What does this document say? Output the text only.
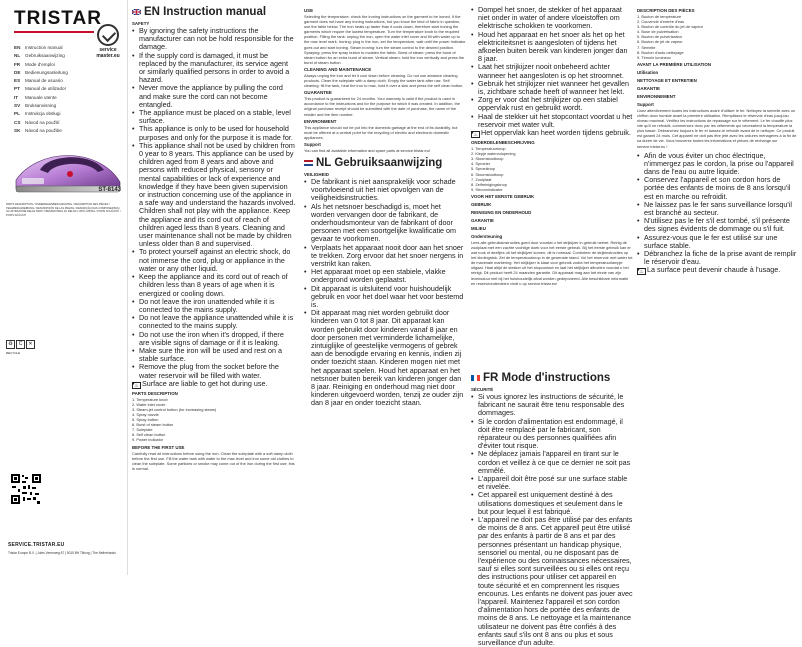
TRISTAR
service
master.eu
EN Instruction manual
NL Gebruiksaanwijzing
FR Mode d'emploi
DE Bedienungsanleitung
ES Manual de usuario
PT Manual de utilizador
IT Manuale utente
SV Bruksanvisning
PL Instrukcja obsługi
CS Návod na použití
SK Návod na použitie
ST-8143
PARTS DESCRIPTION / ONDERDELENBESCHRIJVING / DESCRIPTION DES PIÈCES / TEILEBESCHREIBUNG / DESCRIPCIÓN DE LAS PIEZAS / DESCRIÇÃO DAS COMPONENTES / ILLUSTRAZIONE DELLE PARTI / BESKRIVNING AV DELAR / OPIS CZĘŚCI / POPIS SOUČÁSTÍ / POPIS SÚČASTÍ
♻ C ✕
RECYCLE
SERVICE.TRISTAR.EU
Tristar Europe B.V. | Jules Verneweg 87 | 5015 BH Tilburg | The Netherlands
EN Instruction manual
SAFETY
• By ignoring the safety instructions the manufacturer can not be hold responsible for the damage.
• If the supply cord is damaged, it must be replaced by the manufacturer, its service agent or similarly qualified persons in order to avoid a hazard.
• Never move the appliance by pulling the cord and make sure the cord can not become entangled.
• The appliance must be placed on a stable, level surface.
• This appliance is only to be used for household purposes and only for the purpose it is made for.
• This appliance shall not be used by children from 0 year to 8 years. This appliance can be used by children aged from 8 years and above and persons with reduced physical, sensory or mental capabilities or lack of experience and knowledge if they have been given supervision or instruction concerning use of the appliance in a safe way and understand the hazards involved. Children shall not play with the appliance. Keep the appliance and its cord out of reach of children aged less than 8 years. Cleaning and user maintenance shall not be made by children unless older than 8 and supervised.
• To protect yourself against an electric shock, do not immerse the cord, plug or appliance in the water or any other liquid.
• Keep the appliance and its cord out of reach of children less than 8 years of age when it is energized or cooling down.
• Do not leave the iron unattended while it is connected to the mains supply.
• Do not leave the appliance unattended while it is connected to the mains supply.
• Do not use the iron when it's dropped, if there are visible signs of damage or if it is leaking.
• Make sure the iron will be used and rest on a stable surface.
• Remove the plug from the socket before the water reservoir will be filled with water.
• ♨ Surface are liable to get hot during use.
PARTS DESCRIPTION
1. Temperature knob
2. Water inlet cover
3. Steam-jet control button (for increasing steam)
4. Spray nozzle
5. Spray button
6. Burst of steam button
7. Soleplate
8. Self clean button
9. Power indicator
BEFORE THE FIRST USE

Carefully read all instructions before using the iron. Clean the soleplate with a soft damp cloth before the first use. Fill the water tank with water to the max level and iron some old clothes to clean the soleplate. Some particles or smoke may come out of the iron during the first use; this is normal.

USE

Selecting the temperature: check the ironing instructions on the garment to be ironed. If the garment does not have any ironing instructions, but you know the kind of fabric in question, use the table below. The iron heats up faster than it cools down, therefore start ironing the garments which require the lowest temperature. Turn the temperature knob to the required position. Filling the tank: unplug the iron, open the water inlet cover and fill with water up to the max level mark. Ironing: plug in the iron, set the temperature, wait until the power indicator goes out and start ironing. Steam ironing: turn the steam control to the desired position. Spraying: press the spray button to moisten the fabric. Burst of steam: press the burst of steam button for an extra burst of steam. Vertical steam: hold the iron vertically and press the burst of steam button.

CLEANING AND MAINTENANCE

Always unplug the iron and let it cool down before cleaning. Do not use abrasive cleaning products. Clean the soleplate with a damp cloth. Empty the water tank after use. Self cleaning: fill the tank, heat the iron to max, hold it over a sink and press the self clean button.

GUARANTEE

This product is guaranteed for 24 months. Your warranty is valid if the product is used in accordance to the instructions and for the purpose for which it was created. In addition, the original purchase receipt should be submitted with the date of purchase, the name of the retailer and the item number.

ENVIRONMENT

This appliance should not be put into the domestic garbage at the end of its durability, but must be offered at a central point for the recycling of electric and electronic domestic appliances.

Support

You can find all available information and spare parts at service.tristar.eu!

NL Gebruiksaanwijzing
VEILIGHEID
• De fabrikant is niet aansprakelijk voor schade voortvloeiend uit het niet opvolgen van de veiligheidsinstructies.
• Als het netsnoer beschadigd is, moet het worden vervangen door de fabrikant, de onderhoudsmonteur van de fabrikant of door personen met een soortgelijke kwalificatie om gevaar te voorkomen.
• Verplaats het apparaat nooit door aan het snoer te trekken. Zorg ervoor dat het snoer nergens in verstrikt kan raken.
• Het apparaat moet op een stabiele, vlakke ondergrond worden geplaatst.
• Dit apparaat is uitsluitend voor huishoudelijk gebruik en voor het doel waar het voor bestemd is.
• Dit apparaat mag niet worden gebruikt door kinderen van 0 tot 8 jaar. Dit apparaat kan worden gebruikt door kinderen vanaf 8 jaar en door personen met verminderde lichamelijke, zintuiglijke of geestelijke vermogens of gebrek aan de benodigde ervaring en kennis, indien zij onder toezicht staan. Kinderen mogen niet met het apparaat spelen. Houd het apparaat en het netsnoer buiten bereik van kinderen jonger dan 8 jaar. Reiniging en onderhoud mag niet door kinderen uitgevoerd worden, tenzij ze ouder zijn dan 8 jaar en onder toezicht staan.
• Dompel het snoer, de stekker of het apparaat niet onder in water of andere vloeistoffen om elektrische schokken te voorkomen.
• Houd het apparaat en het snoer als het op het elektriciteitsnet is aangesloten of tijdens het afkoelen buiten bereik van kinderen jonger dan 8 jaar.
• Laat het strijkijzer nooit onbeheerd achter wanneer het aangesloten is op het stroomnet.
• Gebruik het strijkijzer niet wanneer het gevallen is, zichtbare schade heeft of wanneer het lekt.
• Zorg er voor dat het strijkijzer op een stabiel oppervlak rust en gebruikt wordt.
• Haal de stekker uit het stopcontact voordat u het reservoir met water vult.
• ♨ Het oppervlak kan heet worden tijdens gebruik.
ONDERDELENBESCHRIJVING

1. Temperatuurknop

2. Klepje watervulopening

3. Stoomstootknop

4. Sproeier

5. Sproeiknop

6. Stoomstootknop

7. Zoolplaat

8. Zelfreinigingsknop

9. Stroomindicator

VOOR HET EERSTE GEBRUIK
GEBRUIK
REINIGING EN ONDERHOUD
GARANTIE
MILIEU
Ondersteuning

Lees alle gebruiksinstructies goed door voordat u het strijkijzer in gebruik neemt. Reinig de zoolplaat met een zachte vochtige doek voor het eerste gebruik. Bij het eerste gebruik kan er wat rook of deeltjes uit het strijkijzer komen; dit is normaal. Controleer de strijkinstructies op het kledingstuk. Zet de temperatuurknop in de gewenste stand. Vul het reservoir met water tot de maximale markering. Het strijkijzer is klaar voor gebruik zodra het temperatuurlampje uitgaat. Haal altijd de stekker uit het stopcontact en laat het strijkijzer afkoelen voordat u het reinigt. Dit product heeft 24 maanden garantie. Dit apparaat mag aan het einde van zijn levensduur niet bij het huishoudelijk afval worden gedeponeerd. Alle beschikbare informatie en reserveonderdelen vindt u op service.tristar.eu!

DESCRIPTION DES PIÈCES

1. Bouton de température

2. Couvercle d'entrée d'eau

3. Bouton de contrôle du jet de vapeur

4. Buse de pulvérisation

5. Bouton de pulvérisation

6. Bouton de jet de vapeur

7. Semelle

8. Bouton d'auto-nettoyage

9. Témoin lumineux

AVANT LA PREMIÈRE UTILISATION
Utilisation
NETTOYAGE ET ENTRETIEN
GARANTIE
ENVIRONNEMENT
Support

Lisez attentivement toutes les instructions avant d'utiliser le fer. Nettoyez la semelle avec un chiffon doux humide avant la première utilisation. Remplissez le réservoir d'eau jusqu'au niveau maximal. Vérifiez les instructions de repassage sur le vêtement. Le fer chauffe plus vite qu'il ne refroidit, commencez donc par les vêtements qui nécessitent la température la plus basse. Débranchez toujours le fer et laissez-le refroidir avant de le nettoyer. Ce produit est garanti 24 mois. Cet appareil ne doit pas être jeté avec les ordures ménagères à la fin de sa durée de vie. Vous trouverez toutes les informations et pièces de rechange sur service.tristar.eu !

• Afin de vous éviter un choc électrique, n'immergez pas le cordon, la prise ou l'appareil dans de l'eau ou autre liquide.
• Conservez l'appareil et son cordon hors de portée des enfants de moins de 8 ans lorsqu'il est en marche ou refroidit.
• Ne laissez pas le fer sans surveillance lorsqu'il est branché au secteur.
• N'utilisez pas le fer s'il est tombé, s'il présente des signes évidents de dommage ou s'il fuit.
• Assurez-vous que le fer est utilisé sur une surface stable.
• Débranchez la fiche de la prise avant de remplir le réservoir d'eau.
• ♨ La surface peut devenir chaude à l'usage.
FR Mode d'instructions
SÉCURITÉ
• Si vous ignorez les instructions de sécurité, le fabricant ne saurait être tenu responsable des dommages.
• Si le cordon d'alimentation est endommagé, il doit être remplacé par le fabricant, son réparateur ou des personnes qualifiées afin d'éviter tout risque.
• Ne déplacez jamais l'appareil en tirant sur le cordon et veillez à ce que ce dernier ne soit pas emmêlé.
• L'appareil doit être posé sur une surface stable et nivelée.
• Cet appareil est uniquement destiné à des utilisations domestiques et seulement dans le but pour lequel il est fabriqué.
• L'appareil ne doit pas être utilisé par des enfants de moins de 8 ans. Cet appareil peut être utilisé par des enfants à partir de 8 ans et par des personnes présentant un handicap physique, sensoriel ou mental, ou ne disposant pas de l'expérience ou des connaissances nécessaires, sauf si elles sont surveillées ou si elles ont reçu des instructions pour utiliser cet appareil en toute sécurité et en comprennent les risques encourus. Les enfants ne doivent pas jouer avec l'appareil. Maintenez l'appareil et son cordon d'alimentation hors de portée des enfants de moins de 8 ans. Le nettoyage et la maintenance utilisateur ne doivent pas être confiés à des enfants sauf s'ils ont 8 ans ou plus et sous surveillance d'un adulte.
